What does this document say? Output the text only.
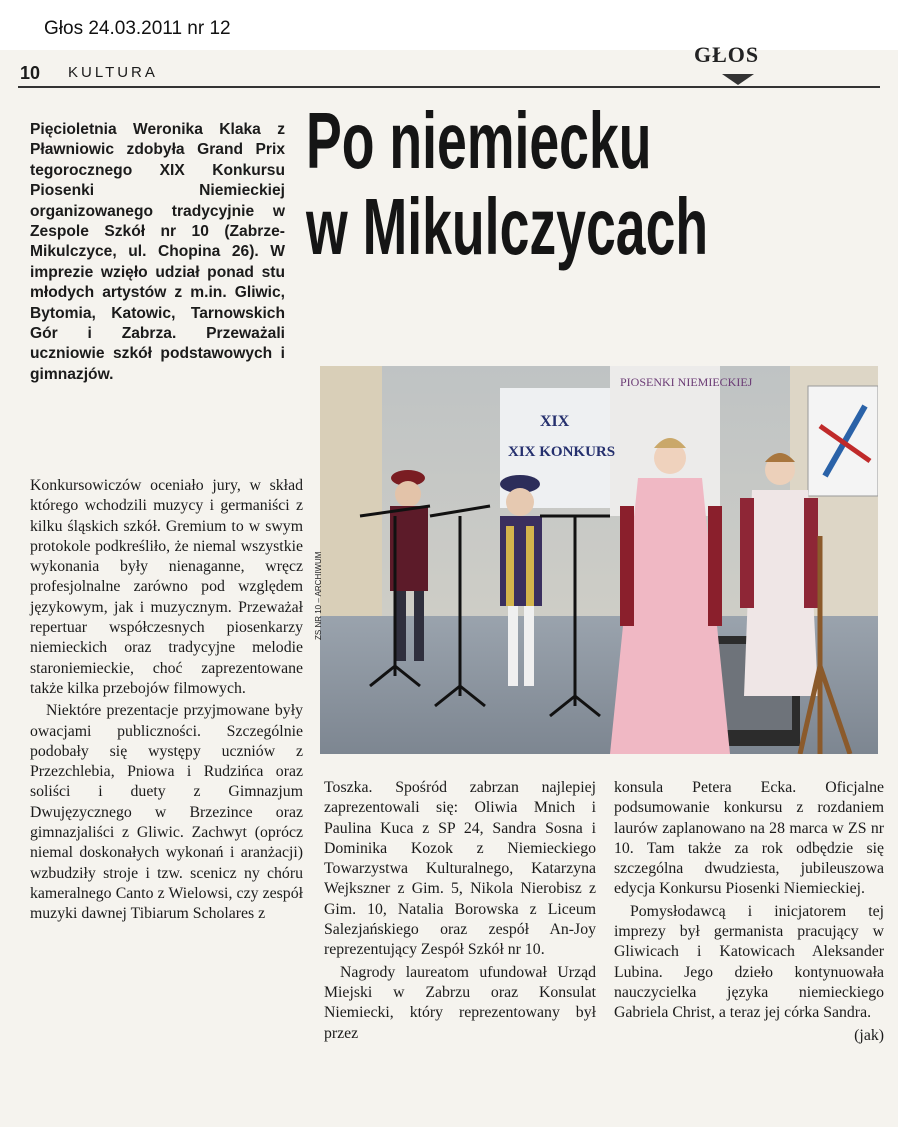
Głos 24.03.2011 nr 12
10 KULTURA
GŁOS
Pięcioletnia Weronika Klaka z Pławniowic zdobyła Grand Prix tegorocznego XIX Konkursu Piosenki Niemieckiej organizowanego tradycyjnie w Zespole Szkół nr 10 (Zabrze-Mikulczyce, ul. Chopina 26). W imprezie wzięło udział ponad stu młodych artystów z m.in. Gliwic, Bytomia, Katowic, Tarnowskich Gór i Zabrza. Przeważali uczniowie szkół podstawowych i gimnazjów.
Po niemiecku
w Mikulczycach
XIX
XIX KONKURS
PIOSENKI NIEMIECKIEJ
ZS NR 10 – ARCHIWUM

Konkursowiczów oceniało jury, w skład którego wchodzili muzycy i germaniści z kilku śląskich szkół. Gremium to w swym protokole podkreśliło, że niemal wszystkie wykonania były nienaganne, wręcz profesjolnalne zarówno pod względem językowym, jak i muzycznym. Przeważał repertuar współczesnych piosenkarzy niemieckich oraz tradycyjne melodie staroniemieckie, choć zaprezentowane także kilka przebojów filmowych.

Niektóre prezentacje przyjmowane były owacjami publiczności. Szczególnie podobały się występy uczniów z Przezchlebia, Pniowa i Rudzińca oraz soliści i duety z Gimnazjum Dwujęzycznego w Brzezince oraz gimnazjaliści z Gliwic. Zachwyt (oprócz niemal doskonałych wykonań i aranżacji) wzbudziły stroje i tzw. scenicz ny chóru kameralnego Canto z Wielowsi, czy zespół muzyki dawnej Tibiarum Scholares z

Toszka. Spośród zabrzan najlepiej zaprezentowali się: Oliwia Mnich i Paulina Kuca z SP 24, Sandra Sosna i Dominika Kozok z Niemieckiego Towarzystwa Kulturalnego, Katarzyna Wejkszner z Gim. 5, Nikola Nierobisz z Gim. 10, Natalia Borowska z Liceum Salezjańskiego oraz zespół An-Joy reprezentujący Zespół Szkół nr 10.

Nagrody laureatom ufundował Urząd Miejski w Zabrzu oraz Konsulat Niemiecki, który reprezentowany był przez

konsula Petera Ecka. Oficjalne podsumowanie konkursu z rozdaniem laurów zaplanowano na 28 marca w ZS nr 10. Tam także za rok odbędzie się szczególna dwudziesta, jubileuszowa edycja Konkursu Piosenki Niemieckiej.

Pomysłodawcą i inicjatorem tej imprezy był germanista pracujący w Gliwicach i Katowicach Aleksander Lubina. Jego dzieło kontynuowała nauczycielka języka niemieckiego Gabriela Christ, a teraz jej córka Sandra.

(jak)
